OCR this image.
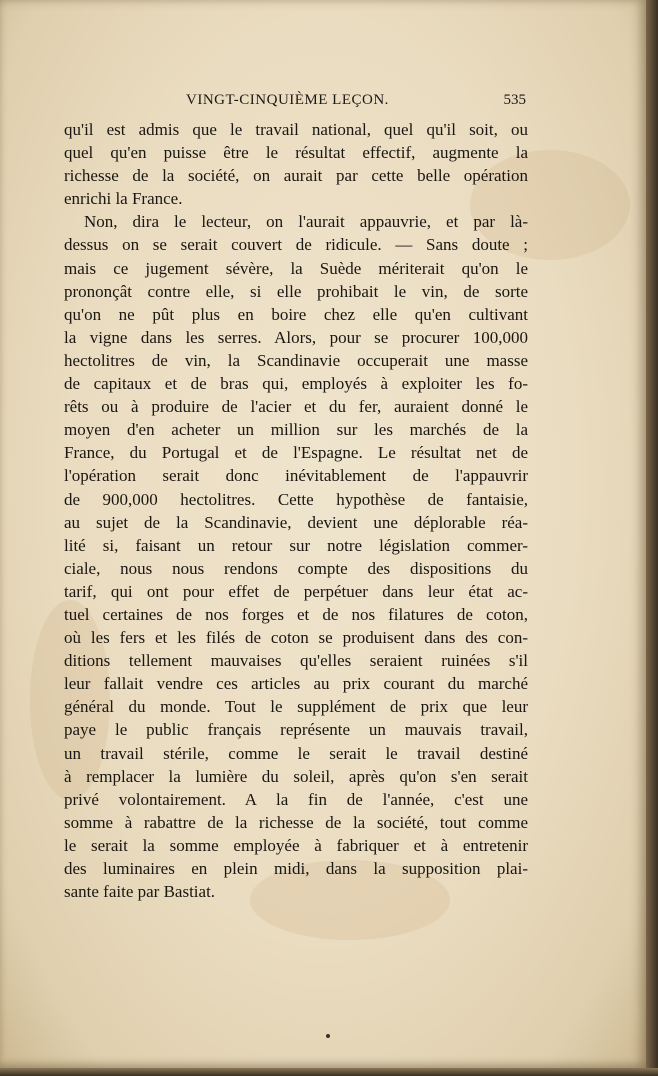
VINGT-CINQUIÈME LEÇON.	535
qu'il est admis que le travail national, quel qu'il soit, ou
quel qu'en puisse être le résultat effectif, augmente la
richesse de la société, on aurait par cette belle opération
enrichi la France.
Non, dira le lecteur, on l'aurait appauvrie, et par là-
dessus on se serait couvert de ridicule. — Sans doute ;
mais ce jugement sévère, la Suède mériterait qu'on le
prononçât contre elle, si elle prohibait le vin, de sorte
qu'on ne pût plus en boire chez elle qu'en cultivant
la vigne dans les serres. Alors, pour se procurer 100,000
hectolitres de vin, la Scandinavie occuperait une masse
de capitaux et de bras qui, employés à exploiter les fo-
rêts ou à produire de l'acier et du fer, auraient donné le
moyen d'en acheter un million sur les marchés de la
France, du Portugal et de l'Espagne. Le résultat net de
l'opération serait donc inévitablement de l'appauvrir
de 900,000 hectolitres. Cette hypothèse de fantaisie,
au sujet de la Scandinavie, devient une déplorable réa-
lité si, faisant un retour sur notre législation commer-
ciale, nous nous rendons compte des dispositions du
tarif, qui ont pour effet de perpétuer dans leur état ac-
tuel certaines de nos forges et de nos filatures de coton,
où les fers et les filés de coton se produisent dans des con-
ditions tellement mauvaises qu'elles seraient ruinées s'il
leur fallait vendre ces articles au prix courant du marché
général du monde. Tout le supplément de prix que leur
paye le public français représente un mauvais travail,
un travail stérile, comme le serait le travail destiné
à remplacer la lumière du soleil, après qu'on s'en serait
privé volontairement. A la fin de l'année, c'est une
somme à rabattre de la richesse de la société, tout comme
le serait la somme employée à fabriquer et à entretenir
des luminaires en plein midi, dans la supposition plai-
sante faite par Bastiat.
